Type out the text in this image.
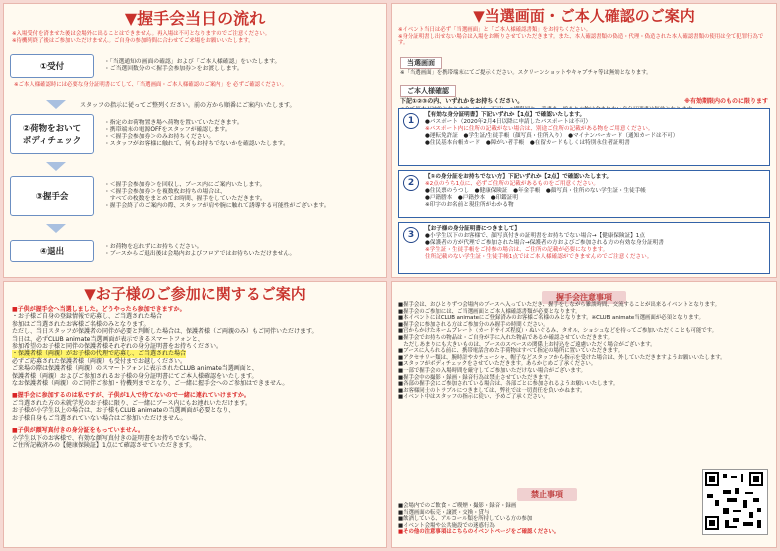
▼握手会当日の流れ
※入場受付を済ませた後は会場外に出ることはできません。再入場は不可となりますのでご注意ください。
※待機列終了後はご参加いただけません。ご自身の参加時間に合わせてご来場をお願いいたします。
①受付
・「当選通知の画面の確認」および「ご本人様確認」をいたします。
・ご当選回数分の＜握手会参加券＞をお渡しします。
※ご本人様確認時には必要な身分証明書にてして、「当選画面・ご本人様確認のご案内」を 必ずご確認ください。
スタッフの指示に従ってご整列ください。前の方から順番にご案内いたします。
②荷物をおいて
ボディチェック
・指定のお荷物置き場へ荷物を置いていただきます。
・携帯端末の電源OFFをスタッフが確認します。
・＜握手会参加券＞のみお持ちください。
・スタッフがお客様に触れて、何もお持ちでないかを確認いたします。
③握手会
・＜握手会参加券＞を回収し、ブース内にご案内いたします。
・＜握手会参加券＞を複数枚お持ちの場合は、
　すべての枚数をまとめてお時間、握手をしていただきます。
・握手会終了のご案内の際、スタッフが肩や腕に触れて誘導する可能性がございます。
④退出
・お荷物を忘れずにお持ちください。
・ブースからご退出後は会場内およびフロアではお待ちいただけません。
▼お子様のご参加に関するご案内
■子供が握手会へ当選しました。どうやったら参加できますか。
・お子様ご自身の登録情報で応募し、ご当選された場合
参加はご当選されたお客様ご名様のみとなります。
ただし、当日スタッフが保護者の同伴が必要と判断した場合は、保護者様（ご両親のみ）もご同伴いただけます。
当日は、必ずCLUB animate当選画面が表示できるスマートフォンと、
参加希望のお子様と同伴の保護者様それぞれの身分証明書をお持ちください。
・保護者様（両親）がお子様の代理で応募し、ご当選された場合
必ずご応募された保護者様（両親）も受付までお越しください。
ご来場の際は保護者様（両親）のスマートフォンに表示されたCLUB animate当選画面と、
保護者様（両親）およびご参加されるお子様の身分証明書にてご本人様確認をいたします。
なお保護者様（両親）のご同伴ご参加・待機列までとなり、ご一緒に握手会へのご参加はできません。
■握手会に参加するのは私ですが、子供が1人で待てないので一緒に連れていけますか。
ご当選された方の未就学児のお子様に限り、ご一緒にブース内にもお連れいただけます。
お子様が小学生以上の場合は、お子様もCLUB animateの当選画面が必要となり、
お子様自身もご当選されていない場合はご参加いただけません。
■子供が顔写真付きの身分証をもっていません。
小学生以下のお客様で、有効な顔写真付きの証明書をお持ちでない場合、
ご住所記載済みの【健康保険証】1点にて確認させていただきます。
▼当選画面・ご本人確認のご案内
※イベント当日は必ず「当選画面」と「ご本人様確認書類」をお持ちください。
※身分証明書し出せない場合は入場をお断りさせていただきます。また、本人確認書類の偽造・代理・偽造された本人確認書類の使用は全て犯罪行為です。
当選画面
※「当選画面」を携帯端末にてご提示ください。スクリーンショットやキャプチャ等は無効となります。
ご本人様確認
下記①②③の内、いずれかをお持ちください。	※有効期限内のものに限ります
1
【有効な身分証明書】下記いずれか【1点】で確認いたします。
●パスポート（2020年2月4日以降に申請したパスポートは不可）
※パスポート内に住所の記載がない場合は、別途ご住所の記載がある物をご用意ください。
●運転免許証　●学生証/生徒手帳（顔写真・住所入り）　●マイナンバーカード（通知カードは不可）
●住民基本台帳カード　●障がい者手帳　●在留カードもしくは特別永住者証明書
2
【①の身分証をお持ちでない方】下記いずれか【2点】で確認いたします。
※2点のうち1点に、必ずご住所の記載があるものをご用意ください。
●住民票のうつし　●健康保険証　●年金手帳　●顔写真・住所のない学生証・生徒手帳
●戸籍謄本　●戸籍抄本　●印鑑証明
※印字のお名前と現住所がわかる物
3
【お子様の身分証明書につきまして】
●小学生以下のお客様で、顔写真付きの証明書をお持ちでない場合→【健康保険証】1点
●保護者の方が代理でご参加された場合→保護者の方およびご参加される方の有効な身分証明書
※学生証・生徒手帳をご持参の場合は、ご住所の記載が必要になります。
住所記載のない学生証・生徒手帳1点ではご本人様確認ができませんのでご注意ください。
握手会注意事項
■握手会は、おひとりずつ会場内のブースへ入っていただき、握手をしながら雑談時間、交流することが出来るイベントとなります。
■握手会のご参加には、ご当選画面とご本人様確認書類が必要となります。
■本イベントにはCLUB animateにご登録済みのお客様ご名様のみとなります。※CLUB animate当選画面が必須となります。
■握手会に参加される方はご参加分のみ握手の時間ください。
■官からかけたネームプレート（カードサイズ程度）・ぬいぐるみ、タオル、ショシュなどを持ってご参加いただくことも可能です。
■握手会でお持ちの物品は・ご自身が手に入れた物品であるか確認させていただきます。
　ただしあまりにも大きいものは、ブースのスペースの関係上お持込をご遠慮いただく場合がございます。
■ブースに入られる前に、携帯電話含めた手荷物はすべて指定の場所に置いていただきます。
■アクセサリー類は、腕時計やカチューシャ、帽子などスタッフから指示を受けた場合は、外していただきますようお願いいたします。
■スタッフがボディチェックをさせていただきます。あらかじめご了承ください。
■一部で握手会の入場時間を厳守してご参加いただけない場合がございます。
■握手会中の撮影・録画・録音行為は禁止させていただきます。
■各部の握手会にご参加されている場合は、各部ごとに参加されるようお願いいたします。
■お客様同士のトラブルにつきましては、弊社では一切責任を負いかねます。
■イベント中はスタッフの指示に従い、予めご了承ください。
禁止事項
■会場内でのご飲食・ご喫煙・撮影・録音・録画
■当選画面の転売・譲渡・交換・貸与
■飲酒している、アルコール類を所持している方の参加
■イベント会場や公共施設での迷惑行為
■その他の注意事項はこちらのイベントページをご確認ください。
